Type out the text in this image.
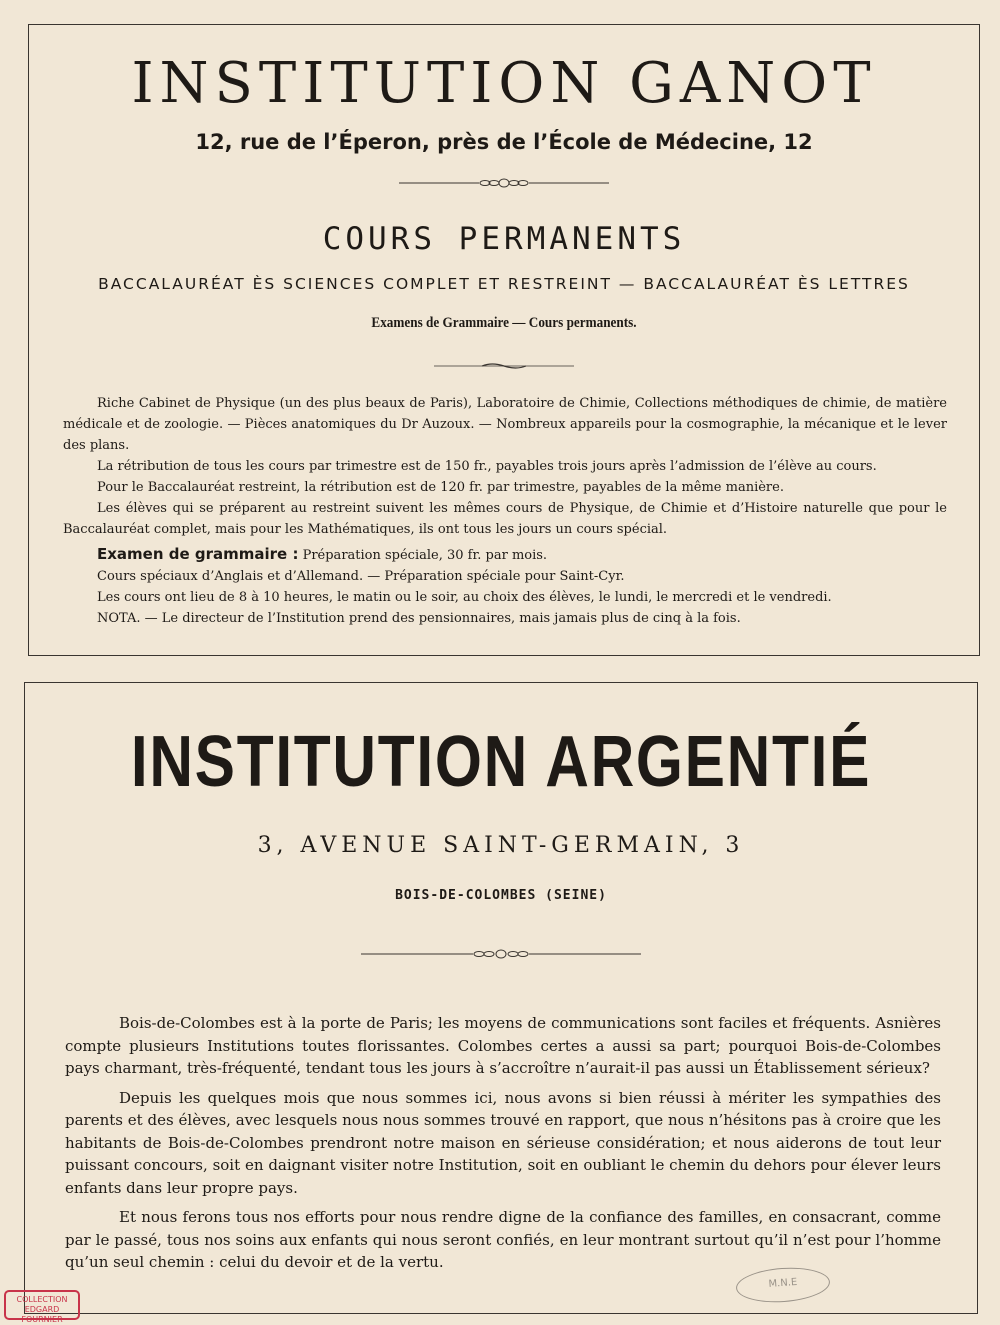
INSTITUTION GANOT
12, rue de l’Éperon, près de l’École de Médecine, 12
COURS PERMANENTS
BACCALAURÉAT ÈS SCIENCES COMPLET ET RESTREINT — BACCALAURÉAT ÈS LETTRES
Examens de Grammaire — Cours permanents.

Riche Cabinet de Physique (un des plus beaux de Paris), Laboratoire de Chimie, Collections méthodiques de chimie, de matière médicale et de zoologie. — Pièces anatomiques du Dr Auzoux. — Nombreux appareils pour la cosmographie, la mécanique et le lever des plans.

La rétribution de tous les cours par trimestre est de 150 fr., payables trois jours après l’admission de l’élève au cours.

Pour le Baccalauréat restreint, la rétribution est de 120 fr. par trimestre, payables de la même manière.

Les élèves qui se préparent au restreint suivent les mêmes cours de Physique, de Chimie et d’Histoire naturelle que pour le Baccalauréat complet, mais pour les Mathématiques, ils ont tous les jours un cours spécial.

Examen de grammaire : Préparation spéciale, 30 fr. par mois.

Cours spéciaux d’Anglais et d’Allemand. — Préparation spéciale pour Saint-Cyr.

Les cours ont lieu de 8 à 10 heures, le matin ou le soir, au choix des élèves, le lundi, le mercredi et le vendredi.

NOTA. — Le directeur de l’Institution prend des pensionnaires, mais jamais plus de cinq à la fois.

INSTITUTION ARGENTIÉ
3, AVENUE SAINT-GERMAIN, 3
BOIS-DE-COLOMBES (SEINE)

Bois-de-Colombes est à la porte de Paris; les moyens de communications sont faciles et fréquents. Asnières compte plusieurs Institutions toutes florissantes. Colombes certes a aussi sa part; pourquoi Bois-de-Colombes pays charmant, très-fréquenté, tendant tous les jours à s’accroître n’aurait-il pas aussi un Établissement sérieux?

Depuis les quelques mois que nous sommes ici, nous avons si bien réussi à mériter les sympathies des parents et des élèves, avec lesquels nous nous sommes trouvé en rapport, que nous n’hésitons pas à croire que les habitants de Bois-de-Colombes prendront notre maison en sérieuse considération; et nous aiderons de tout leur puissant concours, soit en daignant visiter notre Institution, soit en oubliant le chemin du dehors pour élever leurs enfants dans leur propre pays.

Et nous ferons tous nos efforts pour nous rendre digne de la confiance des familles, en consacrant, comme par le passé, tous nos soins aux enfants qui nous seront confiés, en leur montrant surtout qu’il n’est pour l’homme qu’un seul chemin : celui du devoir et de la vertu.

COLLECTION
EDGARD FOURNIER
M.N.E
